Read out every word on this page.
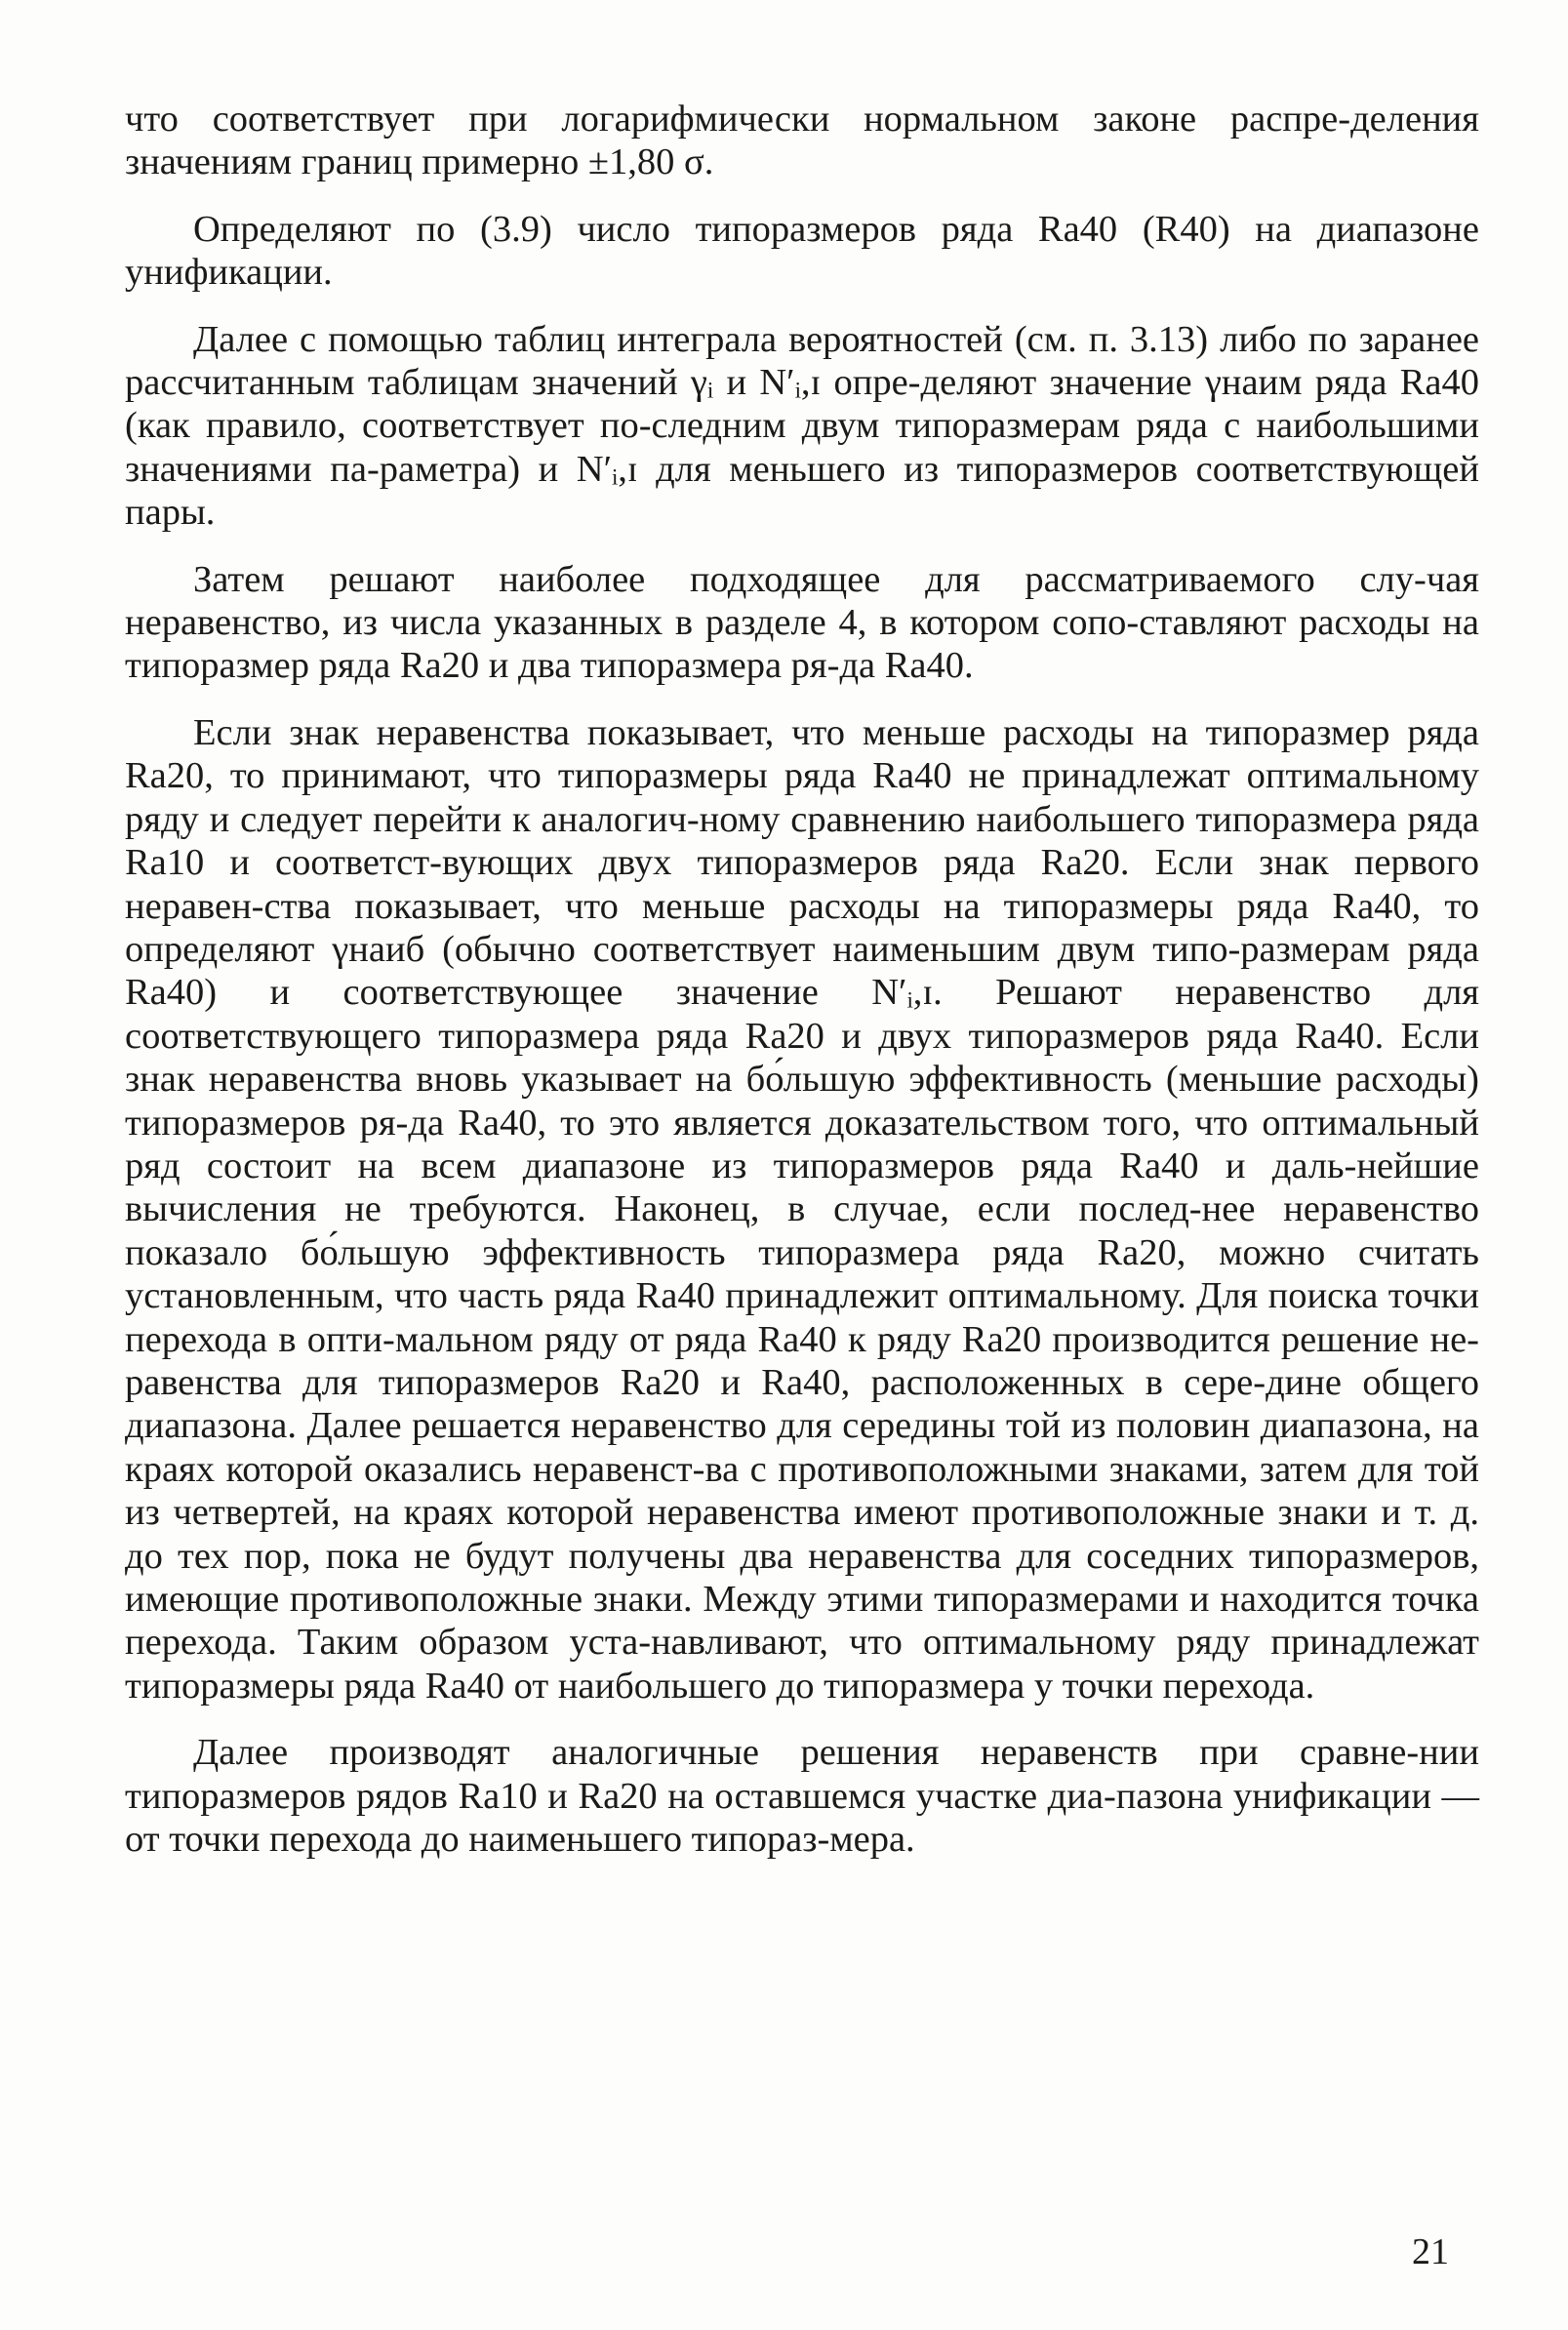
что соответствует при логарифмически нормальном законе распре-деления значениям границ примерно ±1,80 σ.

Определяют по (3.9) число типоразмеров ряда Ra40 (R40) на диапазоне унификации.

Далее с помощью таблиц интеграла вероятностей (см. п. 3.13) либо по заранее рассчитанным таблицам значений γᵢ и N′ᵢ,ɪ опре-деляют значение γнаим ряда Ra40 (как правило, соответствует по-следним двум типоразмерам ряда с наибольшими значениями па-раметра) и N′ᵢ,ɪ для меньшего из типоразмеров соответствующей пары.

Затем решают наиболее подходящее для рассматриваемого слу-чая неравенство, из числа указанных в разделе 4, в котором сопо-ставляют расходы на типоразмер ряда Ra20 и два типоразмера ря-да Ra40.

Если знак неравенства показывает, что меньше расходы на типоразмер ряда Ra20, то принимают, что типоразмеры ряда Ra40 не принадлежат оптимальному ряду и следует перейти к аналогич-ному сравнению наибольшего типоразмера ряда Ra10 и соответст-вующих двух типоразмеров ряда Ra20. Если знак первого неравен-ства показывает, что меньше расходы на типоразмеры ряда Ra40, то определяют γнаиб (обычно соответствует наименьшим двум типо-размерам ряда Ra40) и соответствующее значение N′ᵢ,ɪ. Решают неравенство для соответствующего типоразмера ряда Ra20 и двух типоразмеров ряда Ra40. Если знак неравенства вновь указывает на бо́льшую эффективность (меньшие расходы) типоразмеров ря-да Ra40, то это является доказательством того, что оптимальный ряд состоит на всем диапазоне из типоразмеров ряда Ra40 и даль-нейшие вычисления не требуются. Наконец, в случае, если послед-нее неравенство показало бо́льшую эффективность типоразмера ряда Ra20, можно считать установленным, что часть ряда Ra40 принадлежит оптимальному. Для поиска точки перехода в опти-мальном ряду от ряда Ra40 к ряду Ra20 производится решение не-равенства для типоразмеров Ra20 и Ra40, расположенных в сере-дине общего диапазона. Далее решается неравенство для середины той из половин диапазона, на краях которой оказались неравенст-ва с противоположными знаками, затем для той из четвертей, на краях которой неравенства имеют противоположные знаки и т. д. до тех пор, пока не будут получены два неравенства для соседних типоразмеров, имеющие противоположные знаки. Между этими типоразмерами и находится точка перехода. Таким образом уста-навливают, что оптимальному ряду принадлежат типоразмеры ряда Ra40 от наибольшего до типоразмера у точки перехода.

Далее производят аналогичные решения неравенств при сравне-нии типоразмеров рядов Ra10 и Ra20 на оставшемся участке диа-пазона унификации — от точки перехода до наименьшего типораз-мера.

21
